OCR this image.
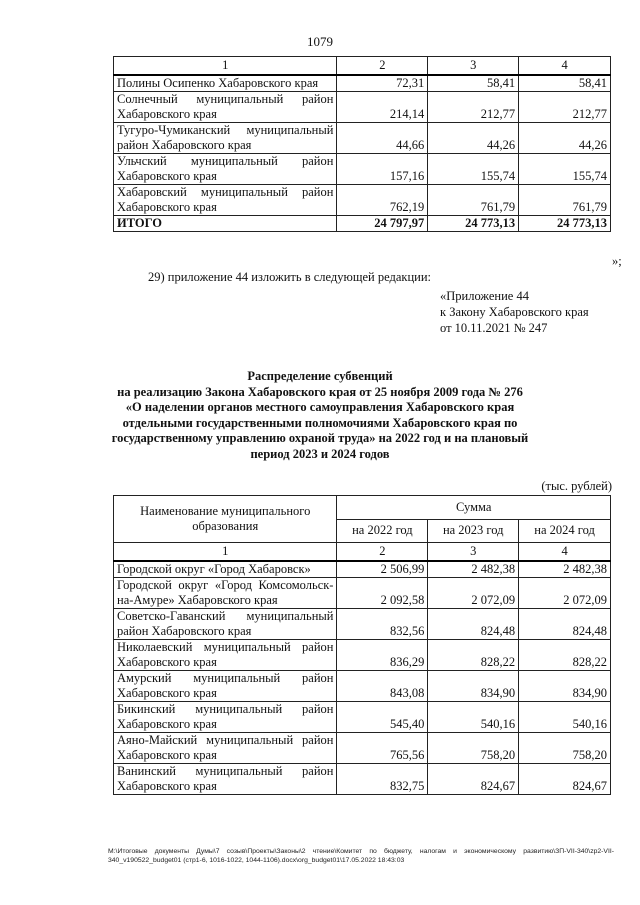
1079
1	2	3	4
Полины Осипенко Хабаровского края	72,31	58,41	58,41
Солнечный муниципальный район Хабаровского края	214,14	212,77	212,77
Тугуро-Чумиканский муниципальный район Хабаровского края	44,66	44,26	44,26
Ульчский муниципальный район Хабаровского края	157,16	155,74	155,74
Хабаровский муниципальный район Хабаровского края	762,19	761,79	761,79
ИТОГО	24 797,97	24 773,13	24 773,13
»;
29) приложение 44 изложить в следующей редакции:
«Приложение 44
к Закону Хабаровского края
от 10.11.2021 № 247
Распределение субвенций
на реализацию Закона Хабаровского края от 25 ноября 2009 года № 276
«О наделении органов местного самоуправления Хабаровского края
отдельными государственными полномочиями Хабаровского края по
государственному управлению охраной труда» на 2022 год и на плановый
период 2023 и 2024 годов
(тыс. рублей)
Наименование муниципального образования	Сумма		
	на 2022 год	на 2023 год	на 2024 год
1	2	3	4
Городской округ «Город Хабаровск»	2 506,99	2 482,38	2 482,38
Городской округ «Город Комсомольск-на-Амуре» Хабаровского края	2 092,58	2 072,09	2 072,09
Советско-Гаванский муниципальный район Хабаровского края	832,56	824,48	824,48
Николаевский муниципальный район Хабаровского края	836,29	828,22	828,22
Амурский муниципальный район Хабаровского края	843,08	834,90	834,90
Бикинский муниципальный район Хабаровского края	545,40	540,16	540,16
Аяно-Майский муниципальный район Хабаровского края	765,56	758,20	758,20
Ванинский муниципальный район Хабаровского края	832,75	824,67	824,67
M:\Итоговые документы Думы\7 созыв\Проекты\Законы\2 чтение\Комитет по бюджету, налогам и экономическому развитию\ЗП-VII-340\zp2-VII-340_v190522_budget01 (стр1-6, 1016-1022, 1044-1106).docx\org_budget01\17.05.2022 18:43:03
